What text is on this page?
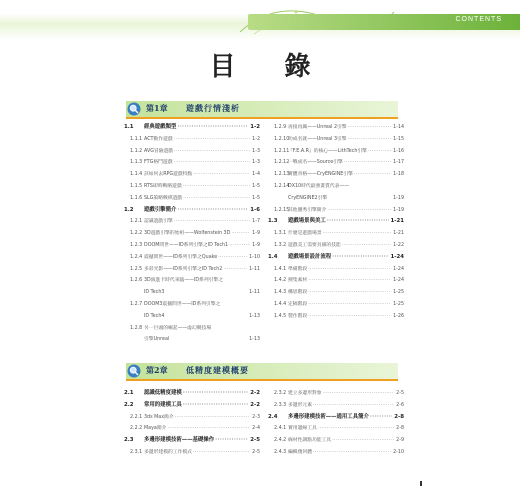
CONTENTS
目 錄
第1章 遊戲行情淺析
1.1 經典遊戲類型 ·····	1-2
1.1.1 ACT動作遊戲 ·····	1-2
1.1.2 AVG冒險遊戲 ·····	1-3
1.1.3 FTG格鬥遊戲 ·····	1-3
1.1.4 該如何去RPG遊戲特點 ·····	1-4
1.1.5 RTS即時戰略遊戲 ·····	1-5
1.1.6 SLG策略戰棋遊戲 ·····	1-5
1.2 遊戲引擎簡介 ·····	1-6
1.2.1 認識遊戲引擎 ·····	1-7
1.2.2 3D遊戲引擎的始祖——Wolfenstein 3D ·····	1-9
1.2.3 DOOM問世——ID系列引擎之ID Tech1 ·····	1-9
1.2.4 震撼問世——ID系列引擎之Quake ·····	1-10
1.2.5 多彩光影——ID系列引擎之ID Tech2 ·····	1-11
1.2.6 3D演進卡時代來臨——ID系列引擎之
ID Tech3	1-11
1.2.7 DOOM3震撼問世——ID系列引擎之
ID Tech4	1-13
1.2.8 另一巨頭的崛起——虛幻競技場
引擎Unreal	1-13
1.2.9 再接再厲——Unreal 2引擎 ·····	1-14
1.2.10
功成名就——Unreal 3引擎 ·····	1-15
1.2.11
『F.E.A.R』的核心——LithTech引擎 ·····	1-16
1.2.12
一戰成名——Source引擎 ·····	1-17
1.2.13
實體青格——CryENGINE引擎 ·····	1-18
1.2.14
DX10時代最強畫質代表——
CryENGINE2引擎	1-19
1.2.15
其他優秀引擎簡介 ·····	1-19
1.3 遊戲場景與美工 ·····	1-21
1.3.1 什麼是遊戲場景 ·····	1-21
1.3.2 遊戲美工需要具備的技能 ·····	1-22
1.4 遊戲場景設計流程 ·····	1-24
1.4.1 準備階段 ·····	1-24
1.4.2 搜集素材 ·····	1-24
1.4.3 構思階段 ·····	1-25
1.4.4 定稿階段 ·····	1-25
1.4.5 製作階段 ·····	1-26
第2章 低精度建模概要
2.1 認識低精度建模 ·····	2-2
2.2 常用的建模工具 ·····	2-2
2.2.1 3ds Max簡介 ·····	2-3
2.2.2 Maya簡介 ·····	2-4
2.3 多邊形建模技術——基礎操作 ·····	2-5
2.3.1 多邊形建模的工作模式 ·····	2-5
2.3.2 建立多邊形對象 ·····	2-5
2.3.3 多邊形元素 ·····	2-6
2.4 多邊形建模技術——通用工具簡介 ·····	2-8
2.4.1 實用邊線工具 ·····	2-8
2.4.2 線材性調點功能工具 ·····	2-9
2.4.3 編輯幾何體 ·····	2-10
